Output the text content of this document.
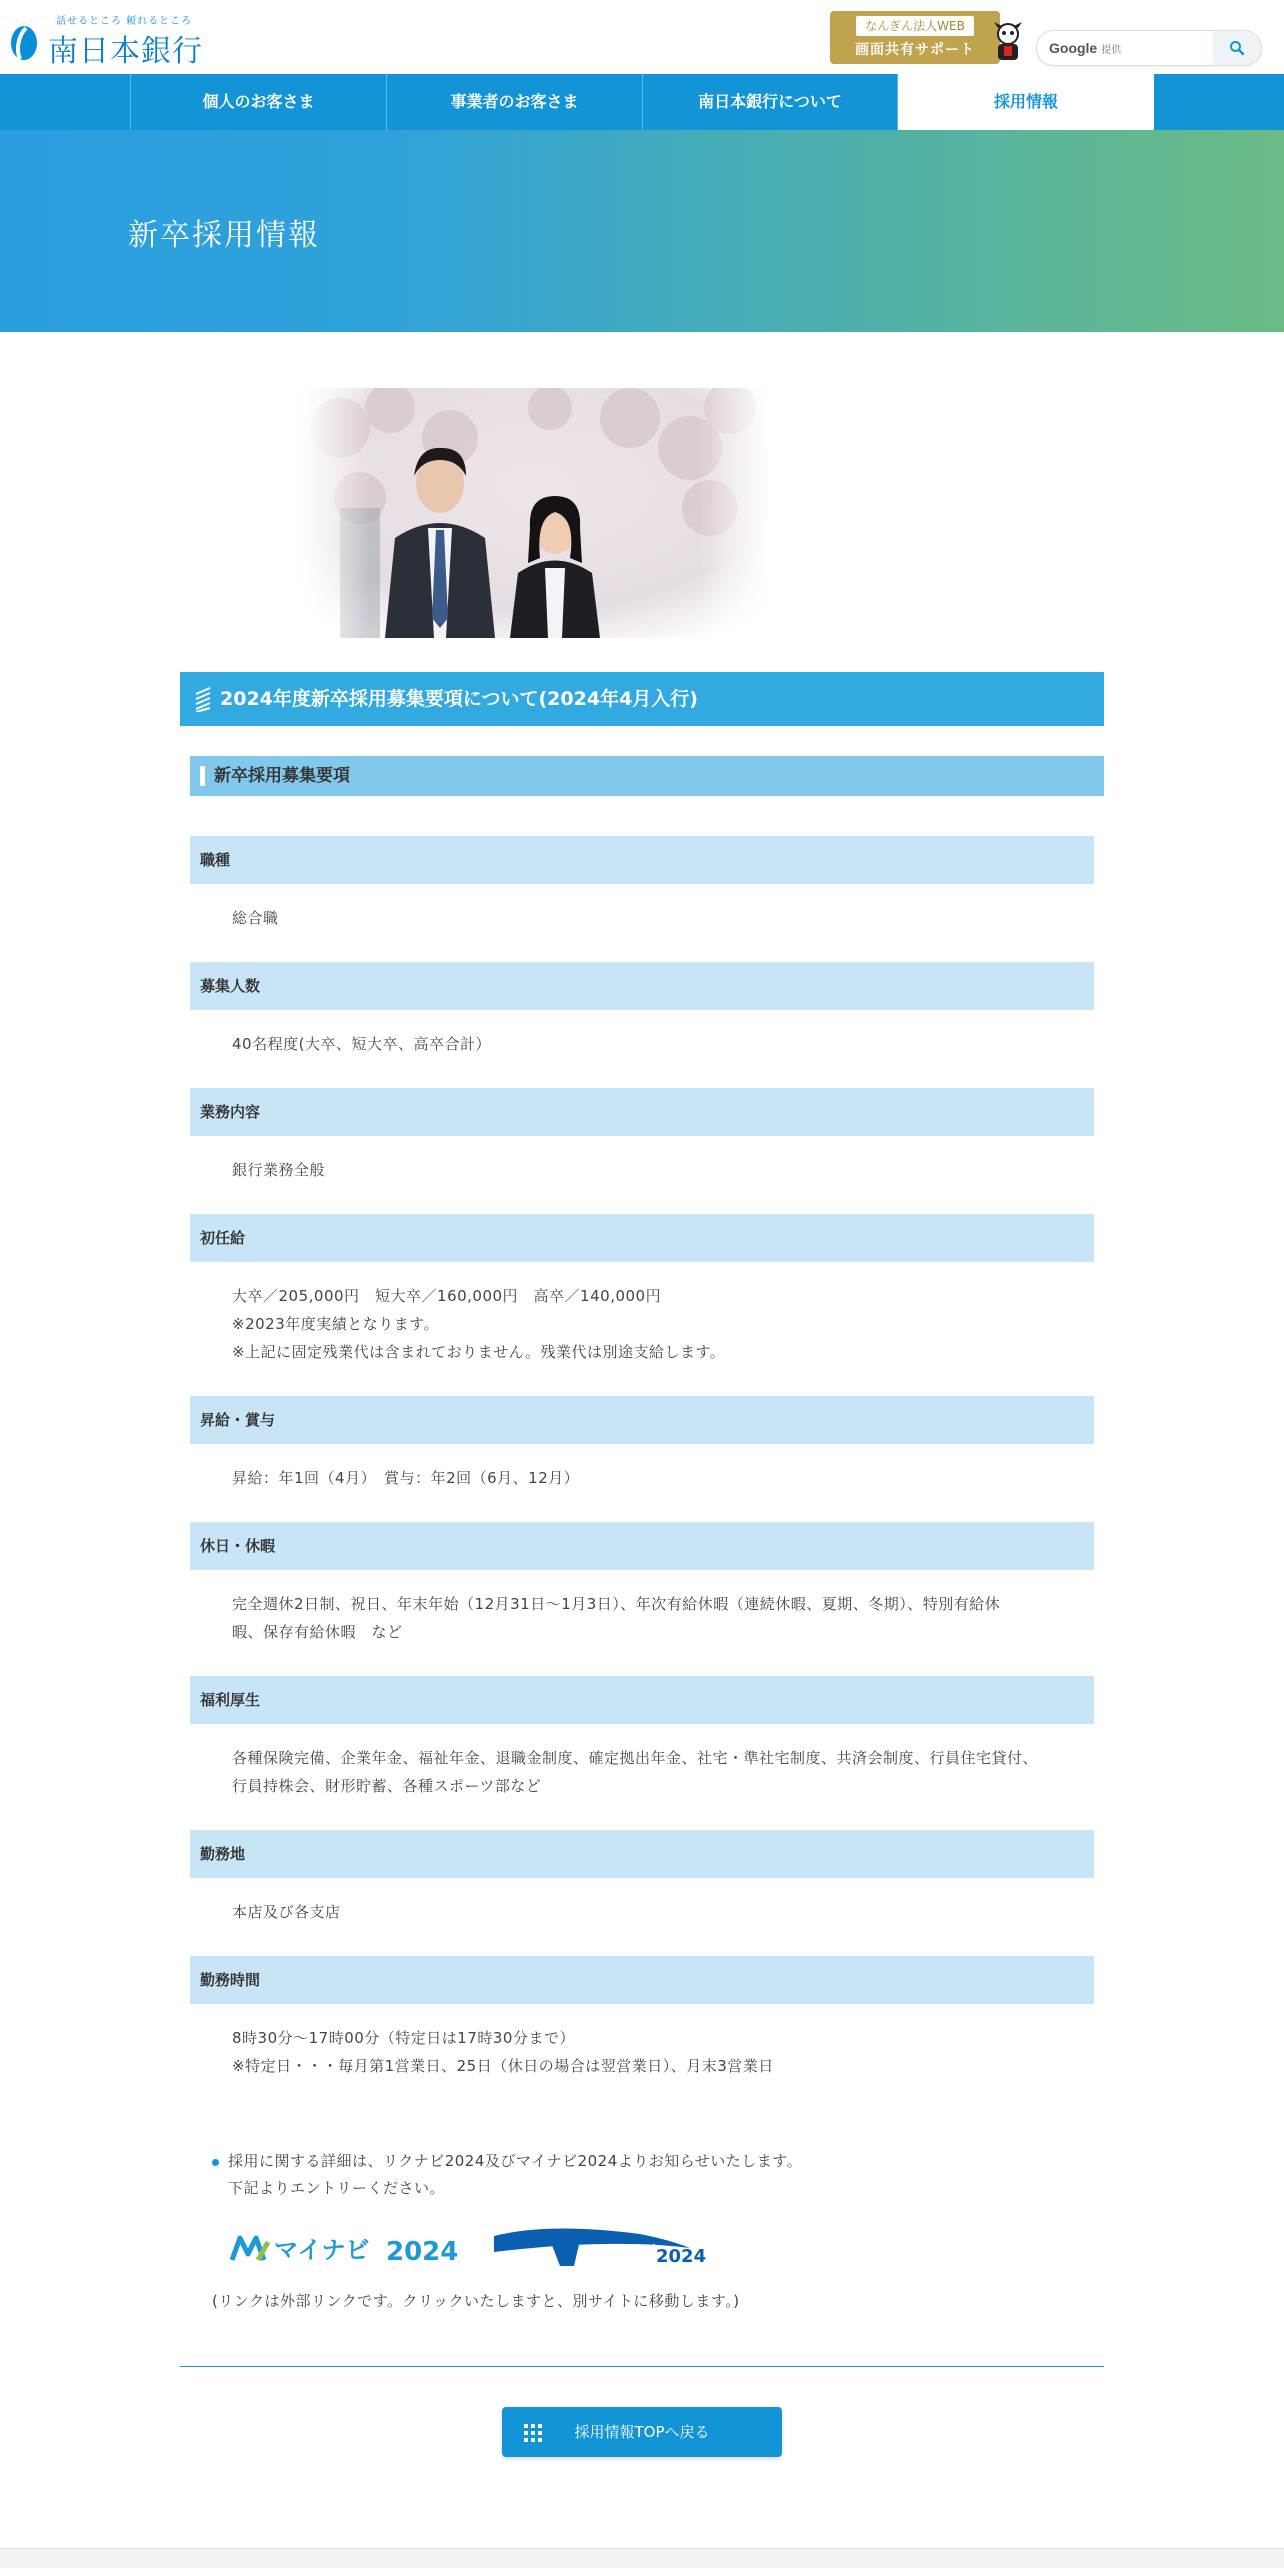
話せるところ 頼れるところ
南日本銀行
なんぎん法人WEB
画面共有サポート	Google 提供
個人のお客さま	事業者のお客さま	南日本銀行について	採用情報
新卒採用情報
2024年度新卒採用募集要項について(2024年4月入行)
新卒採用募集要項
職種

総合職

募集人数

40名程度(大卒、短大卒、高卒合計）

業務内容

銀行業務全般

初任給

大卒／205,000円　短大卒／160,000円　高卒／140,000円

※2023年度実績となります。

※上記に固定残業代は含まれておりません。残業代は別途支給します。

昇給・賞与

昇給：年1回（4月）　賞与：年2回（6月、12月）

休日・休暇

完全週休2日制、祝日、年末年始（12月31日～1月3日）、年次有給休暇（連続休暇、夏期、冬期）、特別有給休

暇、保存有給休暇　など

福利厚生

各種保険完備、企業年金、福祉年金、退職金制度、確定拠出年金、社宅・準社宅制度、共済会制度、行員住宅貸付、

行員持株会、財形貯蓄、各種スポーツ部など

勤務地

本店及び各支店

勤務時間

8時30分～17時00分（特定日は17時30分まで）

※特定日・・・毎月第1営業日、25日（休日の場合は翌営業日）、月末3営業日

採用に関する詳細は、リクナビ2024及びマイナビ2024よりお知らせいたします。

下記よりエントリーください。

マイナビ 2024	リクナビ
2024
(リンクは外部リンクです。クリックいたしますと、別サイトに移動します。)
採用情報TOPへ戻る
